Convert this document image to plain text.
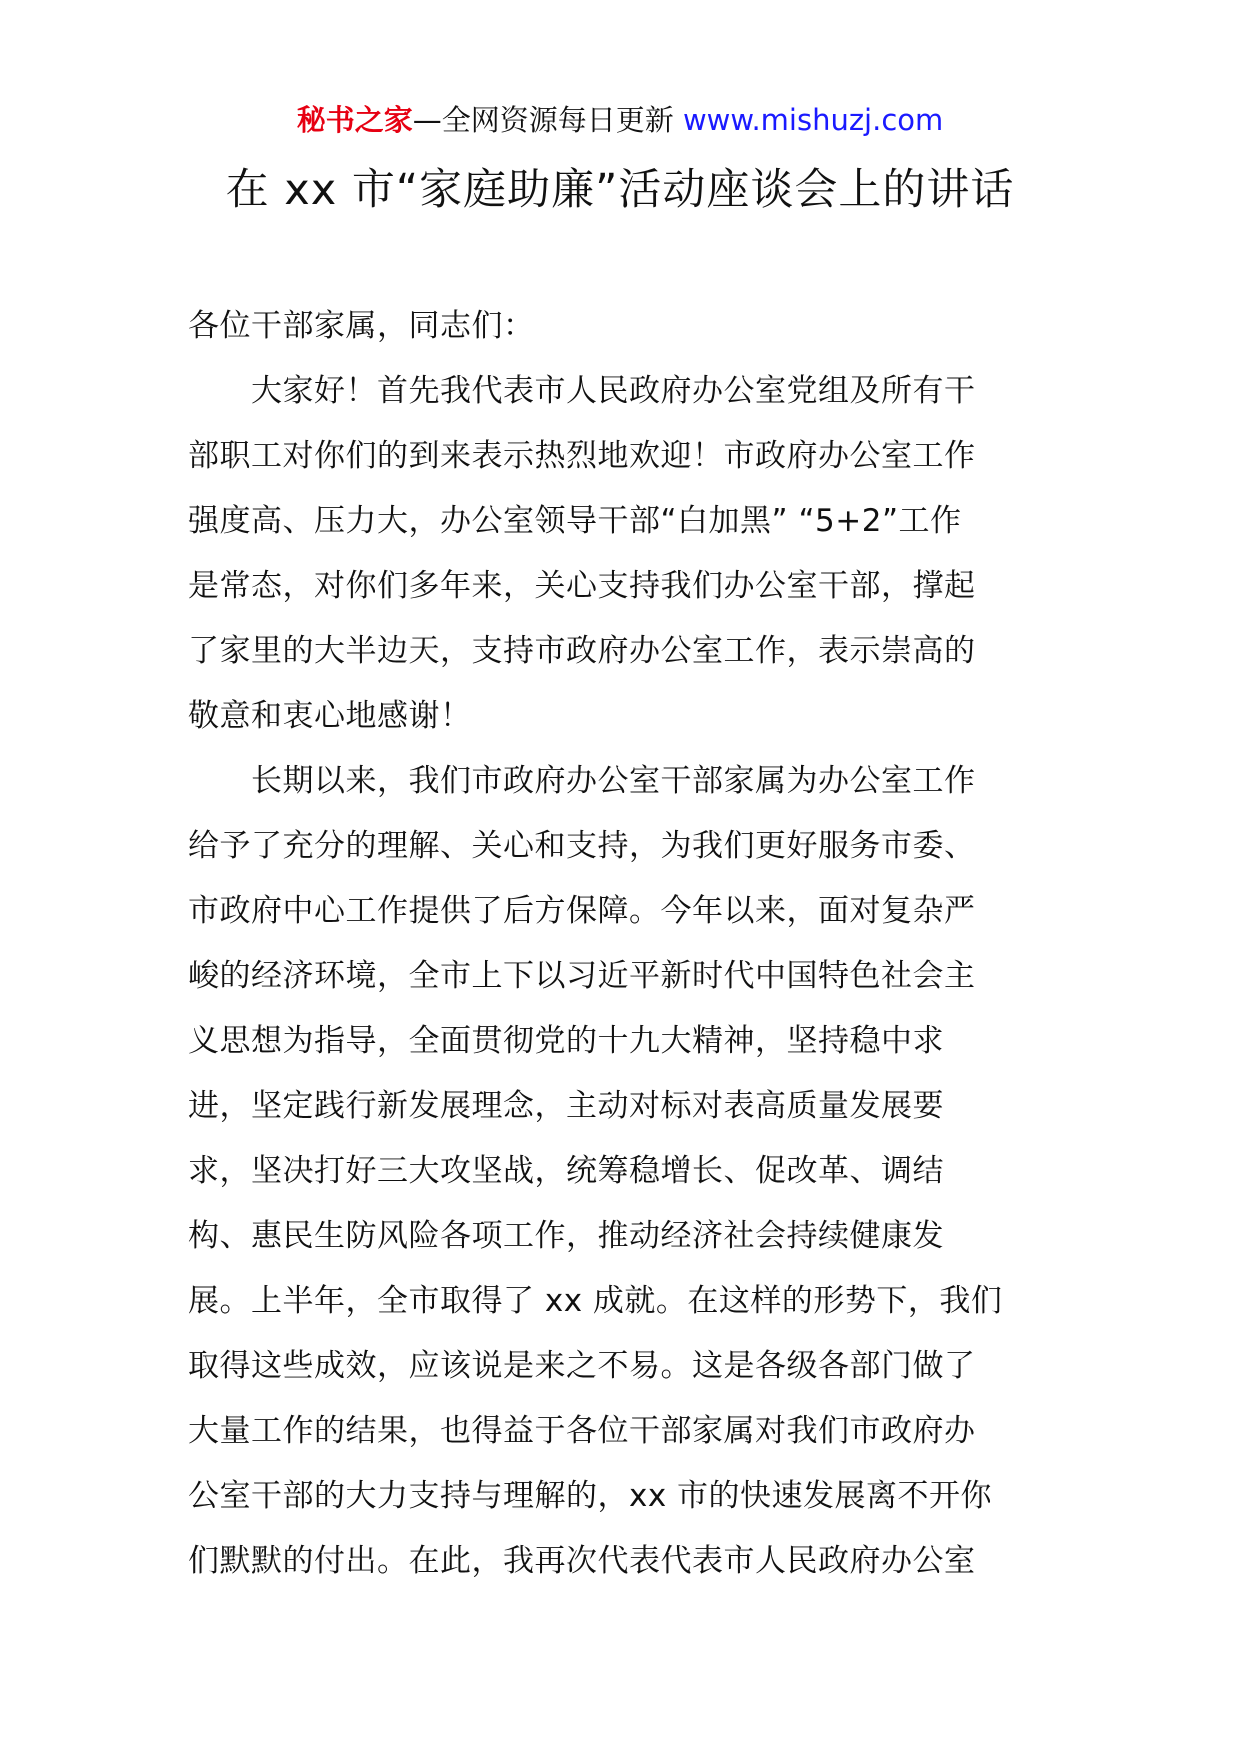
秘书之家—全网资源每日更新 www.mishuzj.com
在 xx 市“家庭助廉”活动座谈会上的讲话

各位干部家属，同志们：

　　大家好！首先我代表市人民政府办公室党组及所有干
部职工对你们的到来表示热烈地欢迎！市政府办公室工作
强度高、压力大，办公室领导干部“白加黑” “5+2”工作
是常态，对你们多年来，关心支持我们办公室干部，撑起
了家里的大半边天，支持市政府办公室工作，表示崇高的
敬意和衷心地感谢！

　　长期以来，我们市政府办公室干部家属为办公室工作
给予了充分的理解、关心和支持，为我们更好服务市委、
市政府中心工作提供了后方保障。今年以来，面对复杂严
峻的经济环境，全市上下以习近平新时代中国特色社会主
义思想为指导，全面贯彻党的十九大精神，坚持稳中求
进，坚定践行新发展理念，主动对标对表高质量发展要
求，坚决打好三大攻坚战，统筹稳增长、促改革、调结
构、惠民生防风险各项工作，推动经济社会持续健康发
展。上半年，全市取得了 xx 成就。在这样的形势下，我们
取得这些成效，应该说是来之不易。这是各级各部门做了
大量工作的结果，也得益于各位干部家属对我们市政府办
公室干部的大力支持与理解的，xx 市的快速发展离不开你
们默默的付出。在此，我再次代表代表市人民政府办公室
